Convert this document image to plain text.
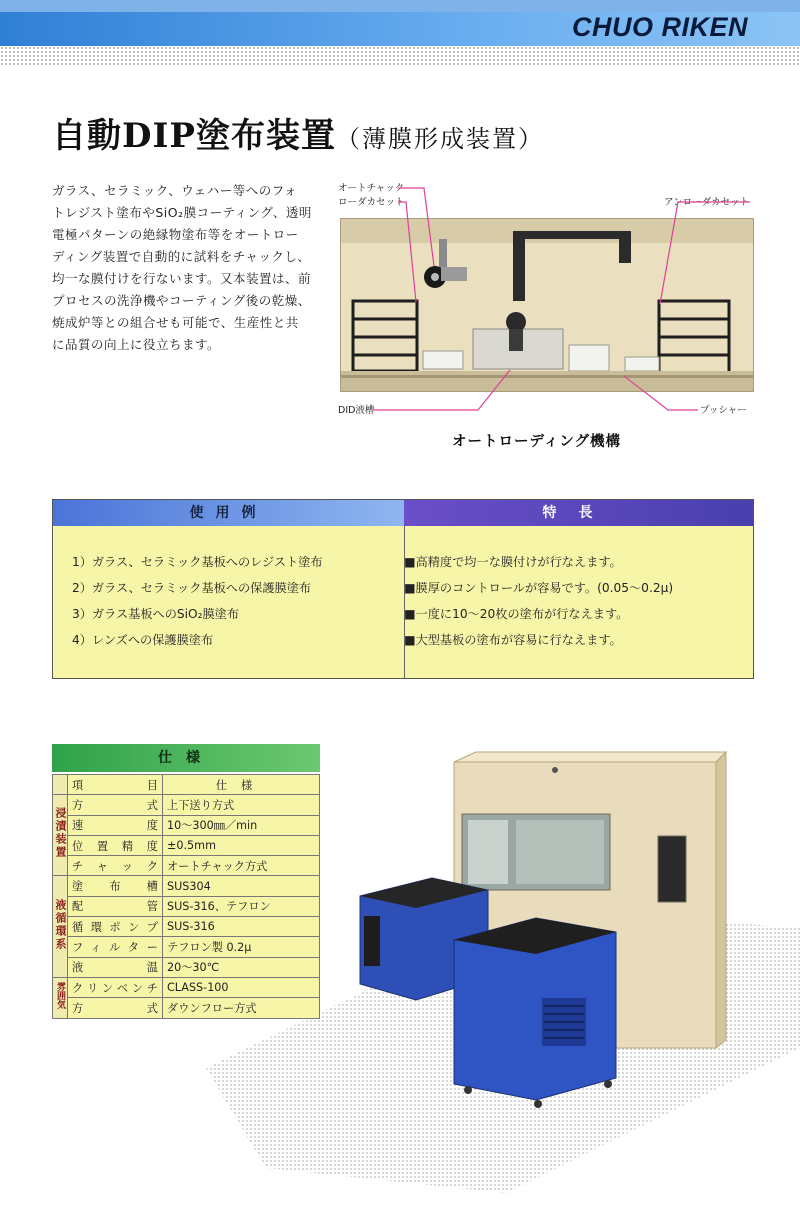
CHUO RIKEN
自動DIP塗布装置（薄膜形成装置）
ガラス、セラミック、ウェハー等へのフォ
トレジスト塗布やSiO₂膜コーティング、透明
電極パターンの絶縁物塗布等をオートロー
ディング装置で自動的に試料をチャックし、
均一な膜付けを行ないます。又本装置は、前
プロセスの洗浄機やコーティング後の乾燥、
焼成炉等との組合せも可能で、生産性と共
に品質の向上に役立ちます。
オートチャック
ローダカセット	アンローダカセット
DID液槽	プッシャー
オートローディング機構
使用例	特長
1）ガラス、セラミック基板へのレジスト塗布
2）ガラス、セラミック基板への保護膜塗布
3）ガラス基板へのSiO₂膜塗布
4）レンズへの保護膜塗布
■高精度で均一な膜付けが行なえます。
■膜厚のコントロールが容易です。(0.05～0.2μ)
■一度に10～20枚の塗布が行なえます。
■大型基板の塗布が容易に行なえます。
仕様
	項目	仕様
浸漬装置	方式	上下送り方式
	速度	10～300㎜／min
	位置精度	±0.5mm
	チャック	オートチャック方式
液循環系	塗布槽	SUS304
	配管	SUS-316、テフロン
	循環ポンプ	SUS-316
	フィルター	テフロン製 0.2μ
	液温	20～30℃
雰囲気	クリンベンチ	CLASS-100
	方式	ダウンフロー方式
